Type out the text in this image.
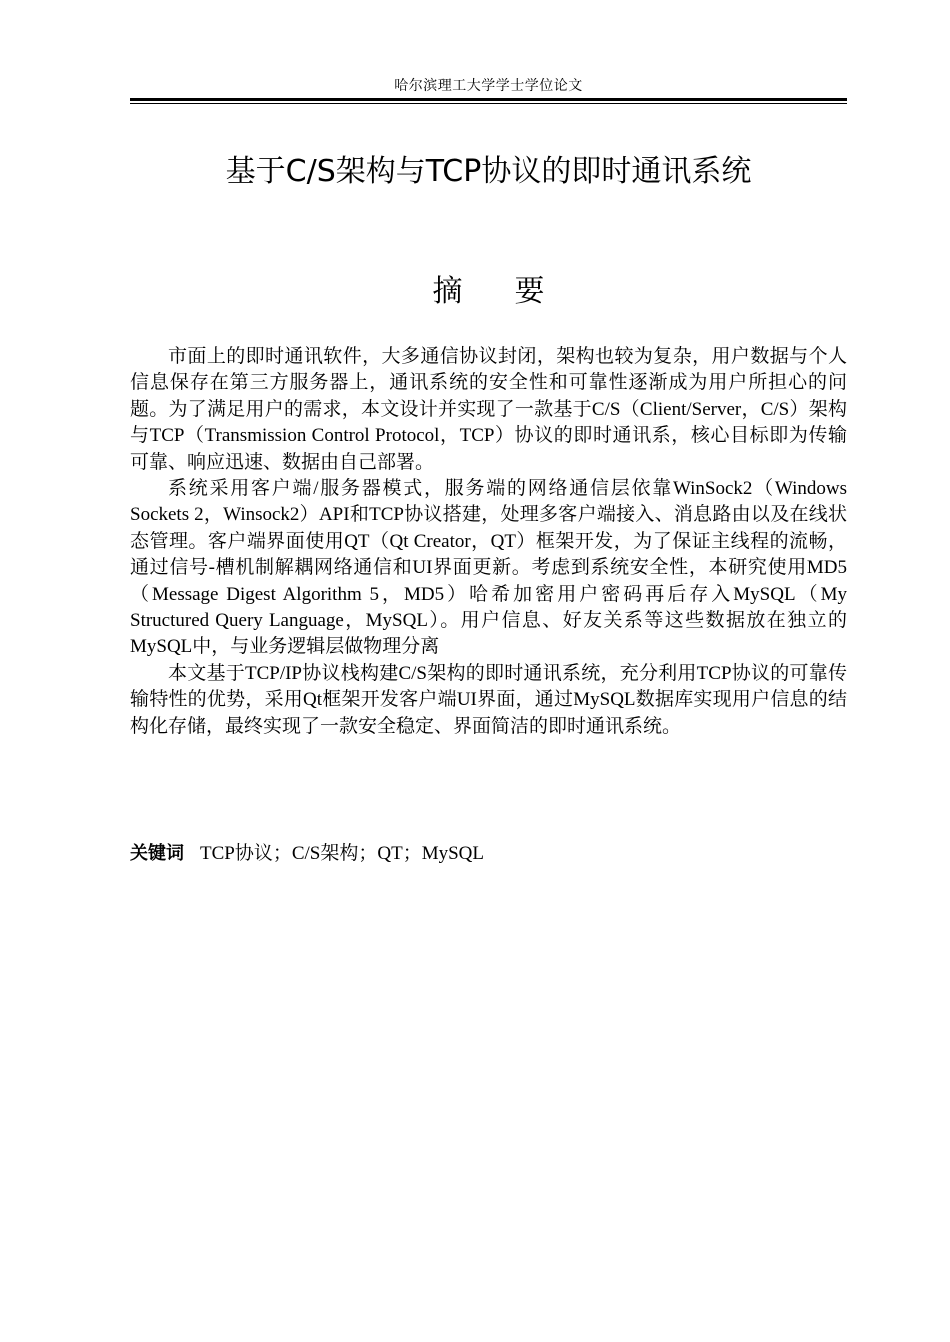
哈尔滨理工大学学士学位论文
基于C/S架构与TCP协议的即时通讯系统
摘 要

市面上的即时通讯软件，大多通信协议封闭，架构也较为复杂，用户数据与个人信息保存在第三方服务器上，通讯系统的安全性和可靠性逐渐成为用户所担心的问题。为了满足用户的需求，本文设计并实现了一款基于C/S（Client/Server，C/S）架构与TCP（Transmission Control Protocol，TCP）协议的即时通讯系，核心目标即为传输可靠、响应迅速、数据由自己部署。

系统采用客户端/服务器模式，服务端的网络通信层依靠WinSock2（Windows Sockets 2，Winsock2）API和TCP协议搭建，处理多客户端接入、消息路由以及在线状态管理。客户端界面使用QT（Qt Creator，QT）框架开发，为了保证主线程的流畅，通过信号-槽机制解耦网络通信和UI界面更新。考虑到系统安全性，本研究使用MD5（Message Digest Algorithm 5，MD5）哈希加密用户密码再后存入MySQL（My Structured Query Language，MySQL）。用户信息、好友关系等这些数据放在独立的MySQL中，与业务逻辑层做物理分离

本文基于TCP/IP协议栈构建C/S架构的即时通讯系统，充分利用TCP协议的可靠传输特性的优势，采用Qt框架开发客户端UI界面，通过MySQL数据库实现用户信息的结构化存储，最终实现了一款安全稳定、界面简洁的即时通讯系统。

关键词 TCP协议；C/S架构；QT；MySQL
